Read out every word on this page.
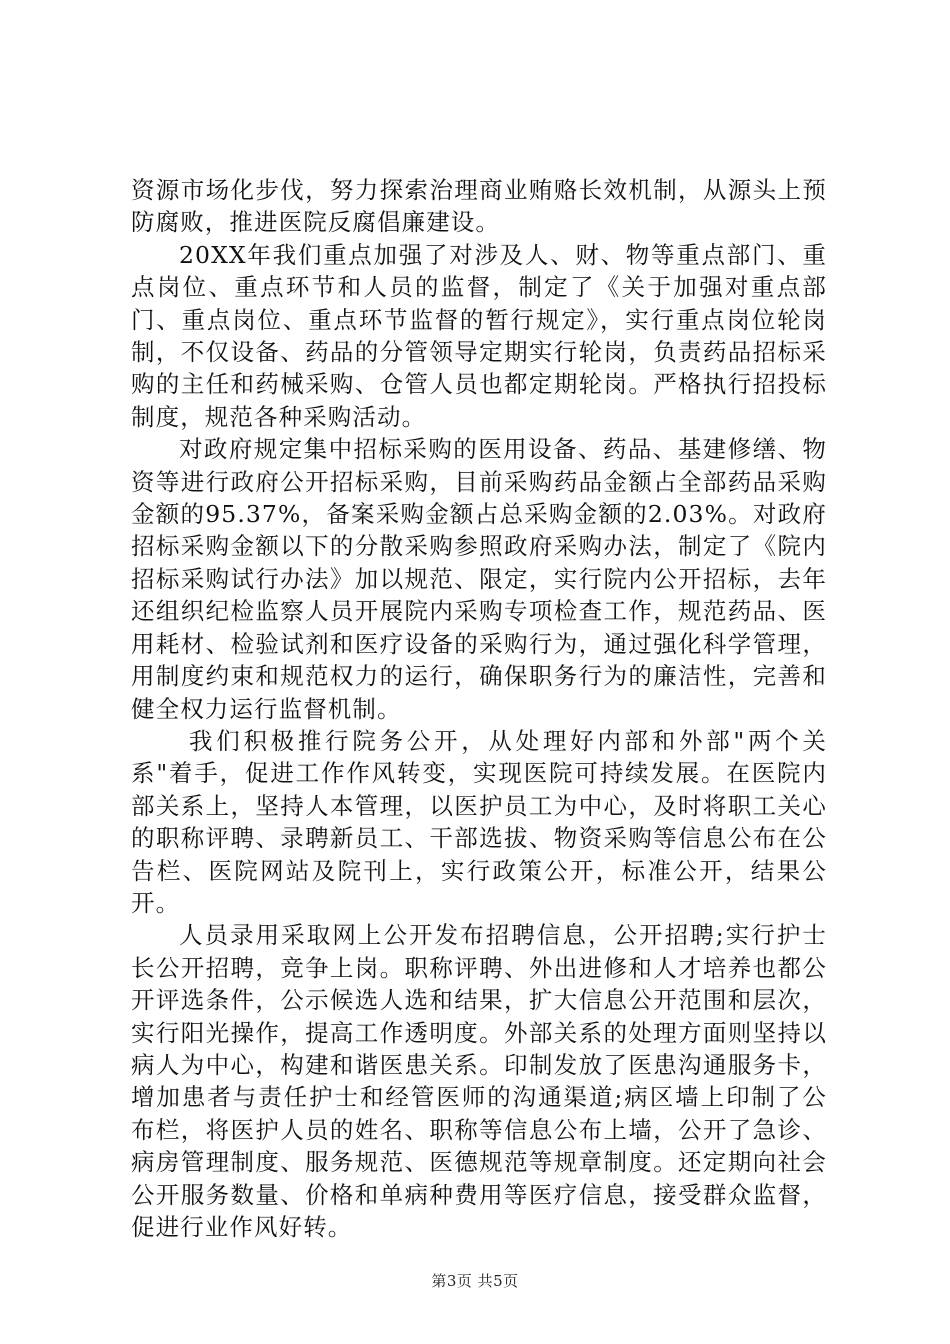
资源市场化步伐，努力探索治理商业贿赂长效机制，从源头上预防腐败，推进医院反腐倡廉建设。

20XX年我们重点加强了对涉及人、财、物等重点部门、重点岗位、重点环节和人员的监督，制定了《关于加强对重点部门、重点岗位、重点环节监督的暂行规定》，实行重点岗位轮岗制，不仅设备、药品的分管领导定期实行轮岗，负责药品招标采购的主任和药械采购、仓管人员也都定期轮岗。严格执行招投标制度，规范各种采购活动。

对政府规定集中招标采购的医用设备、药品、基建修缮、物资等进行政府公开招标采购，目前采购药品金额占全部药品采购金额的95.37%，备案采购金额占总采购金额的2.03%。对政府招标采购金额以下的分散采购参照政府采购办法，制定了《院内招标采购试行办法》加以规范、限定，实行院内公开招标，去年还组织纪检监察人员开展院内采购专项检查工作，规范药品、医用耗材、检验试剂和医疗设备的采购行为，通过强化科学管理，用制度约束和规范权力的运行，确保职务行为的廉洁性，完善和健全权力运行监督机制。

我们积极推行院务公开，从处理好内部和外部"两个关系"着手，促进工作作风转变，实现医院可持续发展。在医院内部关系上，坚持人本管理，以医护员工为中心，及时将职工关心的职称评聘、录聘新员工、干部选拔、物资采购等信息公布在公告栏、医院网站及院刊上，实行政策公开，标准公开，结果公开。

人员录用采取网上公开发布招聘信息，公开招聘;实行护士长公开招聘，竞争上岗。职称评聘、外出进修和人才培养也都公开评选条件，公示候选人选和结果，扩大信息公开范围和层次，实行阳光操作，提高工作透明度。外部关系的处理方面则坚持以病人为中心，构建和谐医患关系。印制发放了医患沟通服务卡，增加患者与责任护士和经管医师的沟通渠道;病区墙上印制了公布栏，将医护人员的姓名、职称等信息公布上墙，公开了急诊、病房管理制度、服务规范、医德规范等规章制度。还定期向社会公开服务数量、价格和单病种费用等医疗信息，接受群众监督，促进行业作风好转。

第3页 共5页
